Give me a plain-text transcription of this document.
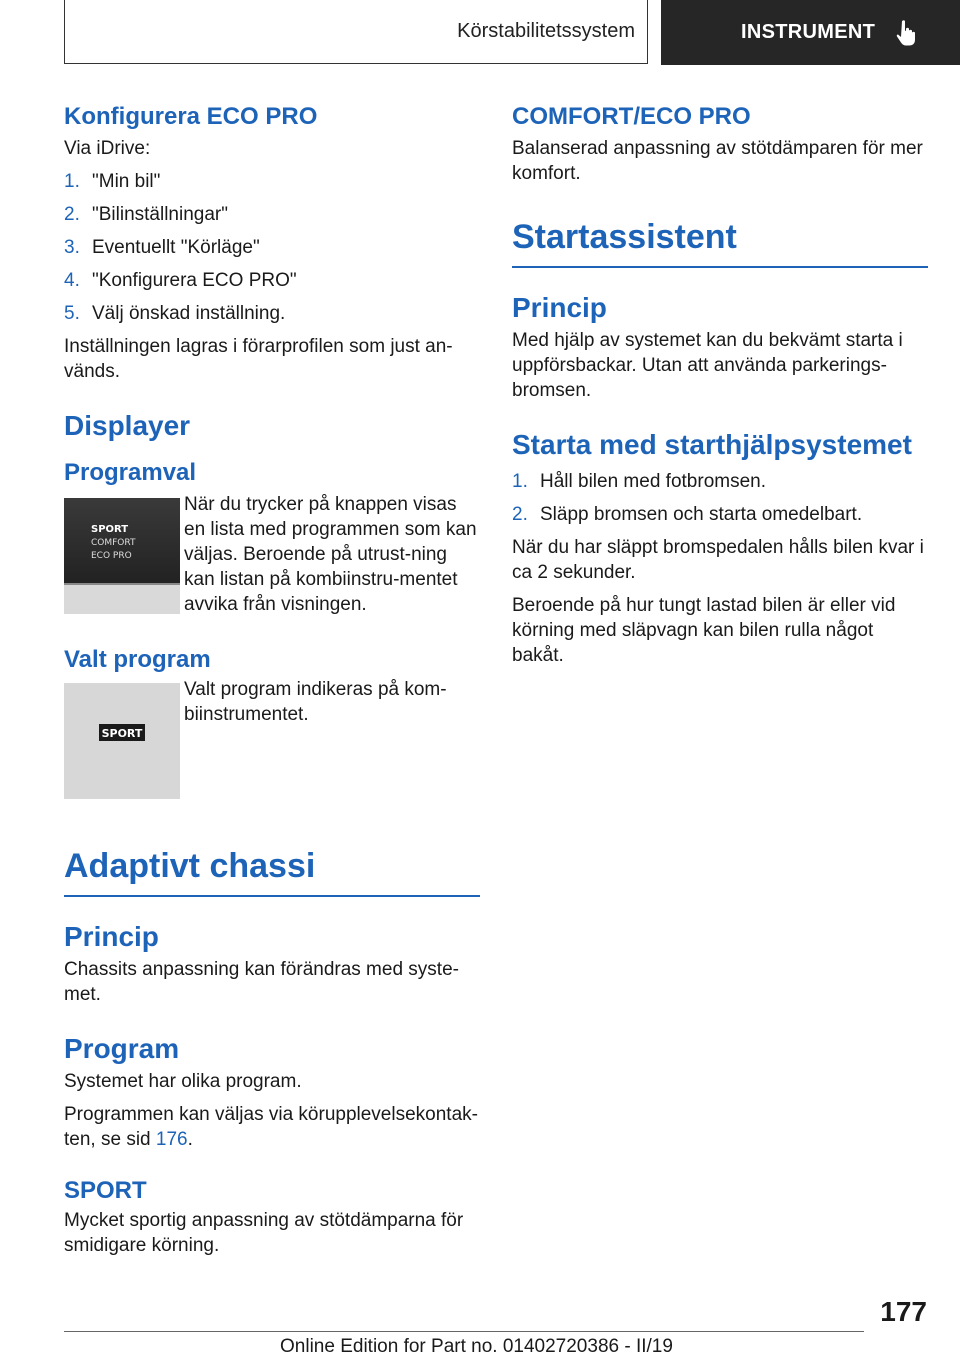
Körstabilitetssystem	INSTRUMENT
Konfigurera ECO PRO

Via iDrive:

1. "Min bil"
2. "Bilinställningar"
3. Eventuellt "Körläge"
4. "Konfigurera ECO PRO"
5. Välj önskad inställning.

Inställningen lagras i förarprofilen som just an-vänds.

Displayer
Programval
SPORT
COMFORT
ECO PRO

När du trycker på knappen visas en lista med programmen som kan väljas. Beroende på utrust-ning kan listan på kombiinstru-mentet avvika från visningen.

Valt program
SPORT

Valt program indikeras på kom-biinstrumentet.

Adaptivt chassi
Princip

Chassits anpassning kan förändras med syste-met.

Program

Systemet har olika program.

Programmen kan väljas via körupplevelsekontak-ten, se sid 176.

SPORT

Mycket sportig anpassning av stötdämparna för smidigare körning.

COMFORT/ECO PRO

Balanserad anpassning av stötdämparen för mer komfort.

Startassistent
Princip

Med hjälp av systemet kan du bekvämt starta i uppförsbackar. Utan att använda parkerings-bromsen.

Starta med starthjälpsystemet
1. Håll bilen med fotbromsen.
2. Släpp bromsen och starta omedelbart.

När du har släppt bromspedalen hålls bilen kvar i ca 2 sekunder.

Beroende på hur tungt lastad bilen är eller vid körning med släpvagn kan bilen rulla något bakåt.

177
Online Edition for Part no. 01402720386 - II/19
